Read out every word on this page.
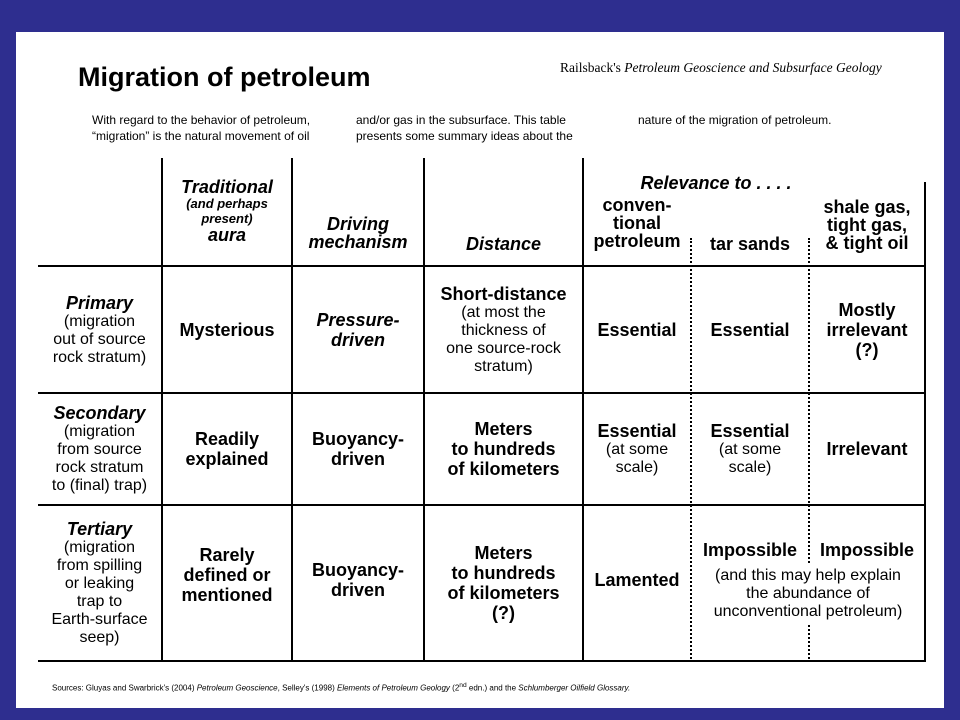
Migration of petroleum	Railsback's Petroleum Geoscience and Subsurface Geology
With regard to the behavior of petroleum,
“migration” is the natural movement of oil
and/or gas in the subsurface. This table
presents some summary ideas about the
nature of the migration of petroleum.
Traditional
(and perhaps
present)
aura
Driving
mechanism	Distance
Relevance to . . . .
conven-
tional
petroleum tar sands
shale gas,
tight gas,
& tight oil
Primary
(migration
out of source
rock stratum)
Mysterious Pressure-
driven
Short-distance
(at most the
thickness of
one source-rock
stratum)
Essential Essential
Mostly
irrelevant
(?)
Secondary
(migration
from source
rock stratum
to (final) trap)
Readily
explained
Buoyancy-
driven
Meters
to hundreds
of kilometers
Essential
(at some
scale)
Essential
(at some
scale)
Irrelevant
Tertiary
(migration
from spilling
or leaking
trap to
Earth-surface
seep)
Rarely
defined or
mentioned
Buoyancy-
driven
Meters
to hundreds
of kilometers
(?)
Lamented
Impossible Impossible
(and this may help explain
the abundance of
unconventional petroleum)
Sources: Gluyas and Swarbrick's (2004) Petroleum Geoscience, Selley's (1998) Elements of Petroleum Geology (2nd edn.) and the Schlumberger Oilfield Glossary.
